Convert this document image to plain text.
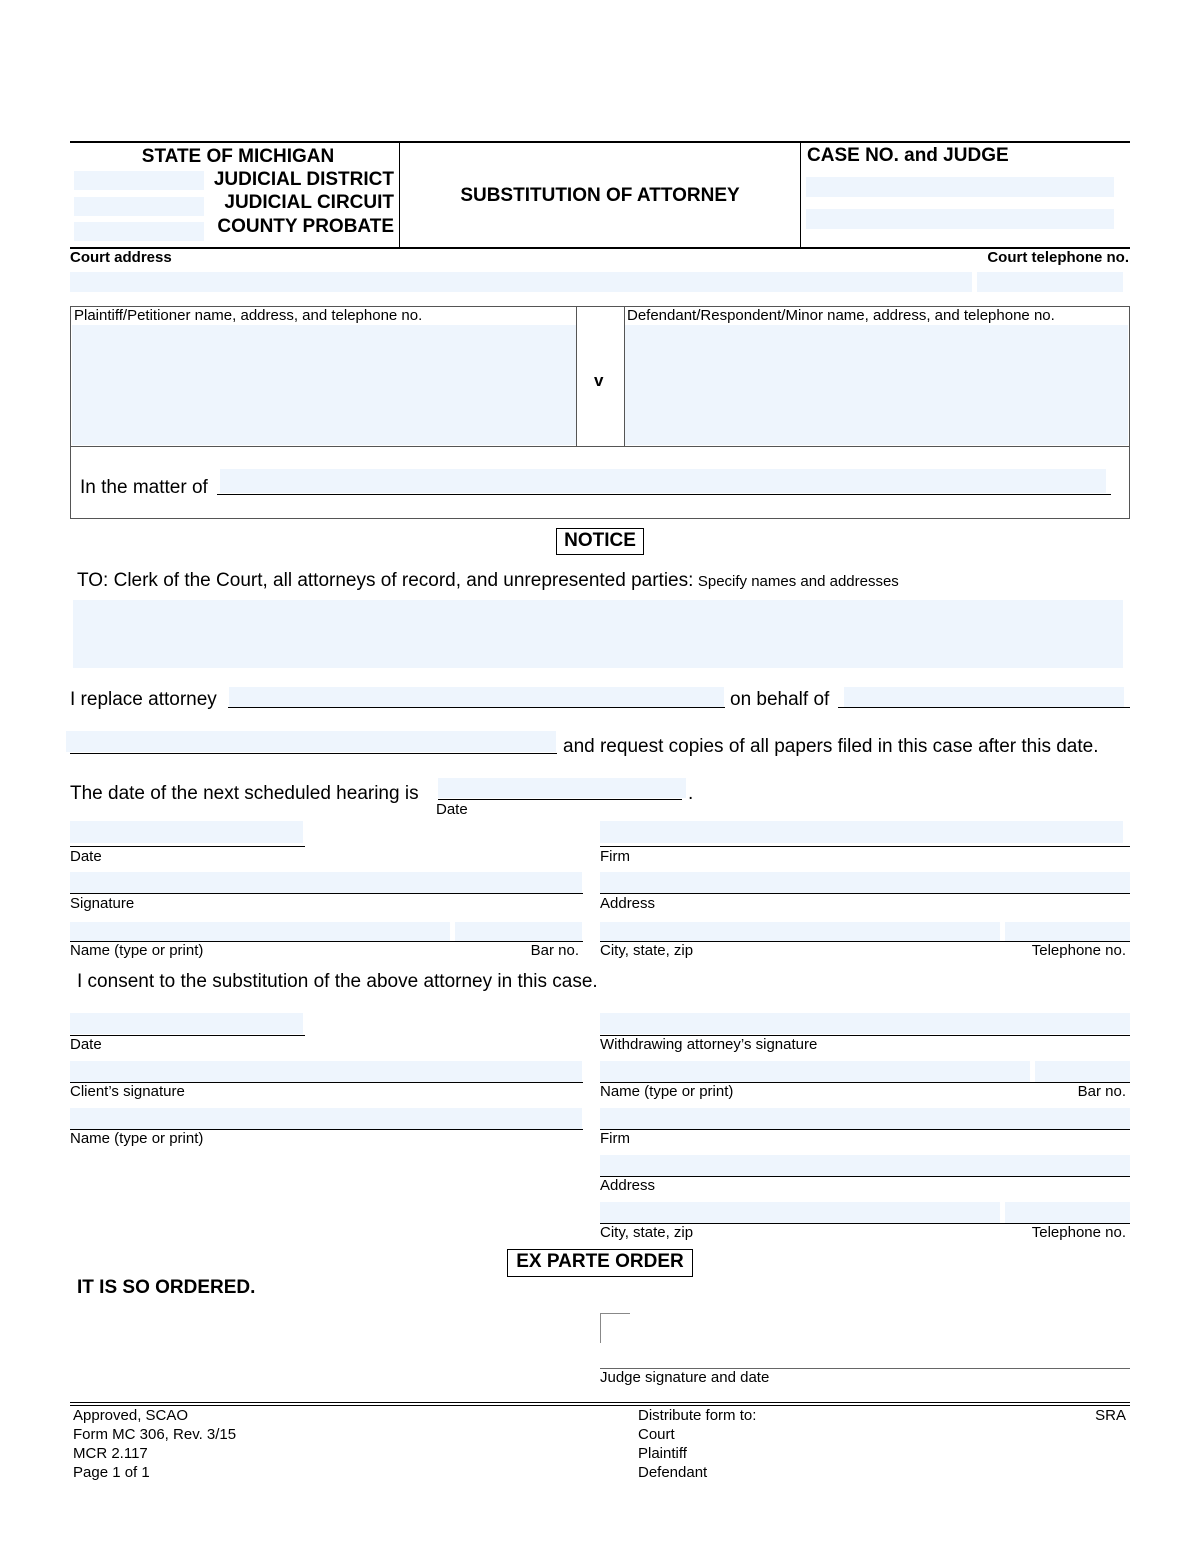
STATE OF MICHIGAN
JUDICIAL DISTRICT
JUDICIAL CIRCUIT
COUNTY PROBATE
SUBSTITUTION OF ATTORNEY
CASE NO. and JUDGE
Court address	Court telephone no.
Plaintiff/Petitioner name, address, and telephone no.
v
Defendant/Respondent/Minor name, address, and telephone no.
In the matter of
NOTICE
TO: Clerk of the Court, all attorneys of record, and unrepresented parties: Specify names and addresses
I replace attorney	on behalf of
and request copies of all papers filed in this case after this date.
The date of the next scheduled hearing is	.
Date
Date
Signature
Name (type or print)	Bar no.
Firm
Address
City, state, zip	Telephone no.
I consent to the substitution of the above attorney in this case.
Date
Client’s signature
Name (type or print)
Withdrawing attorney’s signature
Name (type or print)	Bar no.
Firm
Address
City, state, zip	Telephone no.
EX PARTE ORDER
IT IS SO ORDERED.
Judge signature and date
Approved, SCAO
Form MC 306, Rev. 3/15
MCR 2.117
Page 1 of 1
Distribute form to:
Court
Plaintiff
Defendant
SRA
